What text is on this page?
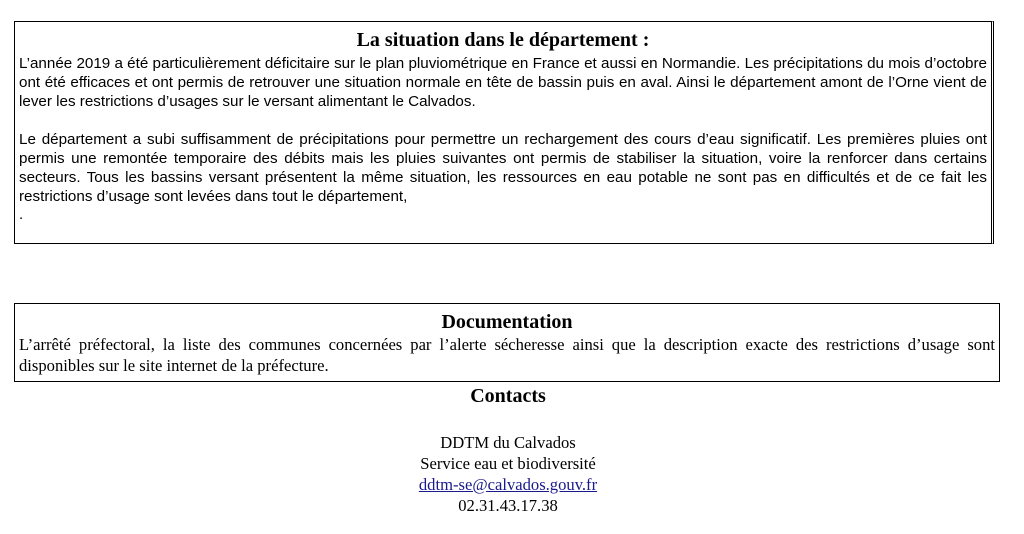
La situation dans le département :

L’année 2019 a été particulièrement déficitaire sur le plan pluviométrique en France et aussi en Normandie. Les précipitations du mois d’octobre ont été efficaces et ont permis de retrouver une situation normale en tête de bassin puis en aval. Ainsi le département amont de l’Orne vient de lever les restrictions d’usages sur le versant alimentant le Calvados.

Le département a subi suffisamment de précipitations pour permettre un rechargement des cours d’eau significatif. Les premières pluies ont permis une remontée temporaire des débits mais les pluies suivantes ont permis de stabiliser la situation, voire la renforcer dans certains secteurs. Tous les bassins versant présentent la même situation, les ressources en eau potable ne sont pas en difficultés et de ce fait les restrictions d’usage sont levées dans tout le département,

.
Documentation

L’arrêté préfectoral, la liste des communes concernées par l’alerte sécheresse ainsi que la description exacte des restrictions d’usage sont disponibles sur le site internet de la préfecture.

Contacts
DDTM du Calvados
Service eau et biodiversité
ddtm-se@calvados.gouv.fr
02.31.43.17.38
